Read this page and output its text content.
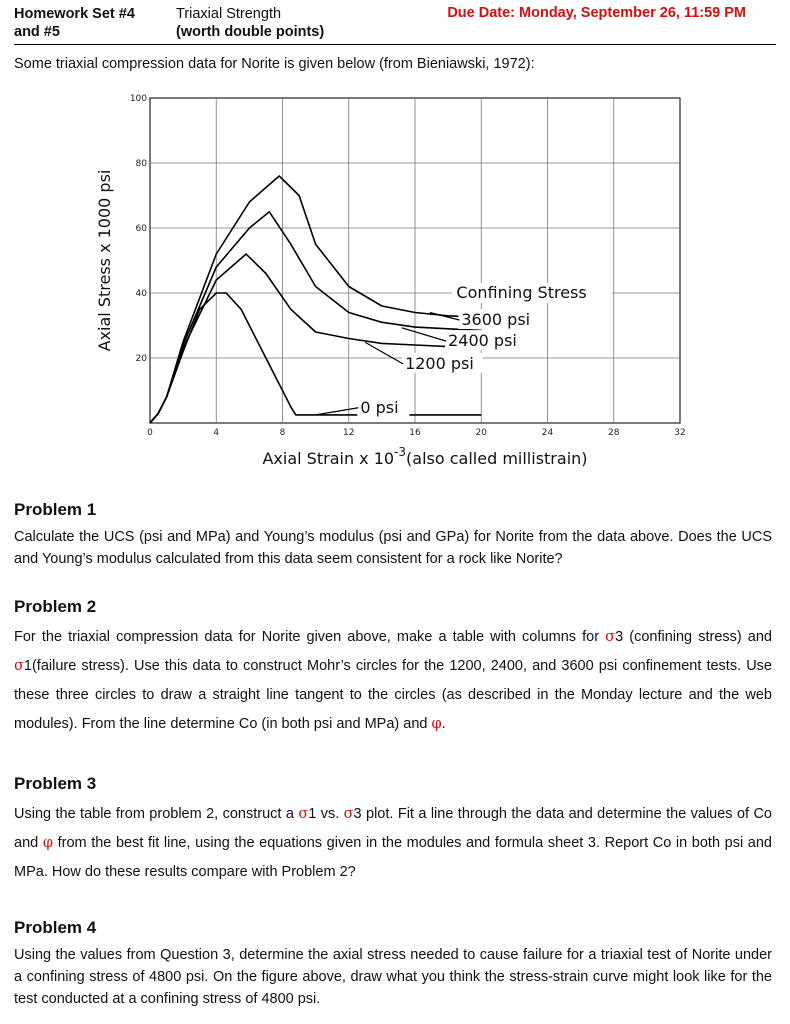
Homework Set #4
and #5
Triaxial Strength
(worth double points)
Due Date: Monday, September 26, 11:59 PM
Some triaxial compression data for Norite is given below (from Bieniawski, 1972):
100
80
60
40
20
0	4	8	12	16	20	24	28	32
Axial Stress x 1000 psi
Axial Strain x $10^{-3}(also$ called millistrain)
Confining Stress
3600 psi
2400 psi
1200 psi
0 psi
Problem 1

Calculate the UCS (psi and MPa) and Young’s modulus (psi and GPa) for Norite from the data above. Does the UCS and Young’s modulus calculated from this data seem consistent for a rock like Norite?

Problem 2

For the triaxial compression data for Norite given above, make a table with columns for σ3 (confining stress) and σ1(failure stress). Use this data to construct Mohr’s circles for the 1200, 2400, and 3600 psi confinement tests. Use these three circles to draw a straight line tangent to the circles (as described in the Monday lecture and the web modules). From the line determine Co (in both psi and MPa) and φ.

Problem 3

Using the table from problem 2, construct a σ1 vs. σ3 plot. Fit a line through the data and determine the values of Co and φ from the best fit line, using the equations given in the modules and formula sheet 3. Report Co in both psi and MPa. How do these results compare with Problem 2?

Problem 4

Using the values from Question 3, determine the axial stress needed to cause failure for a triaxial test of Norite under a confining stress of 4800 psi. On the figure above, draw what you think the stress-strain curve might look like for the test conducted at a confining stress of 4800 psi.
